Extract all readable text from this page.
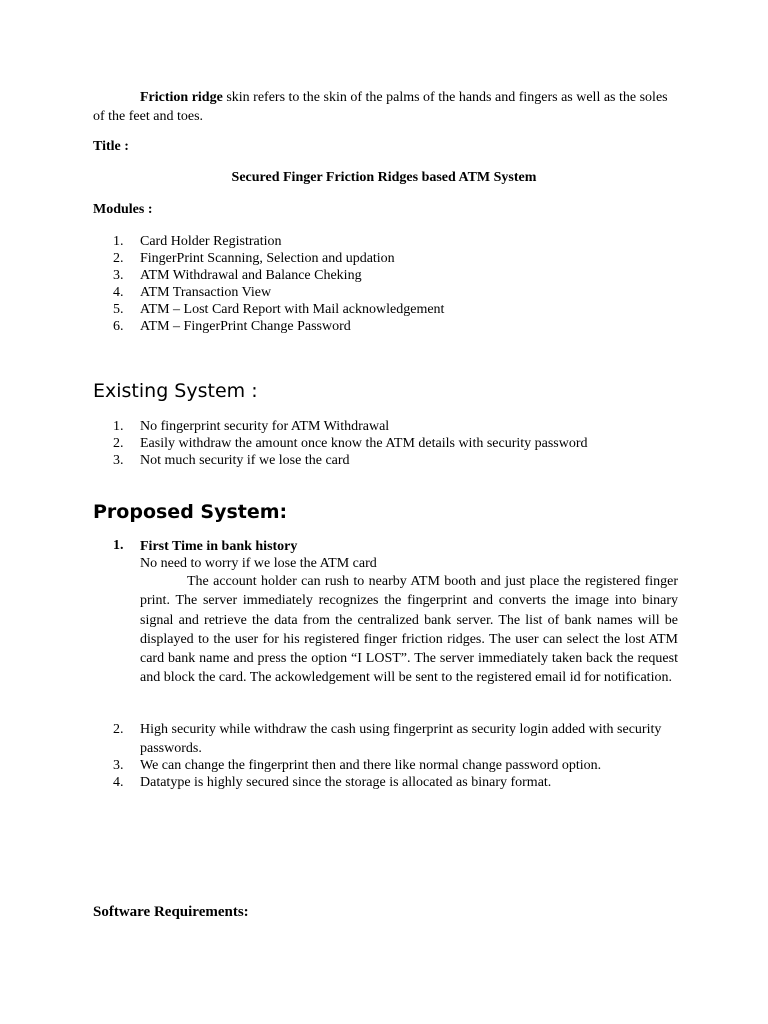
Friction ridge skin refers to the skin of the palms of the hands and fingers as well as the soles of the feet and toes.

Title :

Secured Finger Friction Ridges based ATM System

Modules :

1. Card Holder Registration
2. FingerPrint Scanning, Selection and updation
3. ATM Withdrawal and Balance Cheking
4. ATM Transaction View
5. ATM – Lost Card Report with Mail acknowledgement
6. ATM – FingerPrint Change Password
Existing System :
1. No fingerprint security for ATM Withdrawal
2. Easily withdraw the amount once know the ATM details with security password
3. Not much security if we lose the card
Proposed System:
1. First Time in bank history
No need to worry if we lose the ATM card
The account holder can rush to nearby ATM booth and just place the registered finger print. The server immediately recognizes the fingerprint and converts the image into binary signal and retrieve the data from the centralized bank server. The list of bank names will be displayed to the user for his registered finger friction ridges. The user can select the lost ATM card bank name and press the option “I LOST”. The server immediately taken back the request and block the card. The ackowledgement will be sent to the registered email id for notification.
2. High security while withdraw the cash using fingerprint as security login added with security passwords.
3. We can change the fingerprint then and there like normal change password option.
4. Datatype is highly secured since the storage is allocated as binary format.

Software Requirements:
